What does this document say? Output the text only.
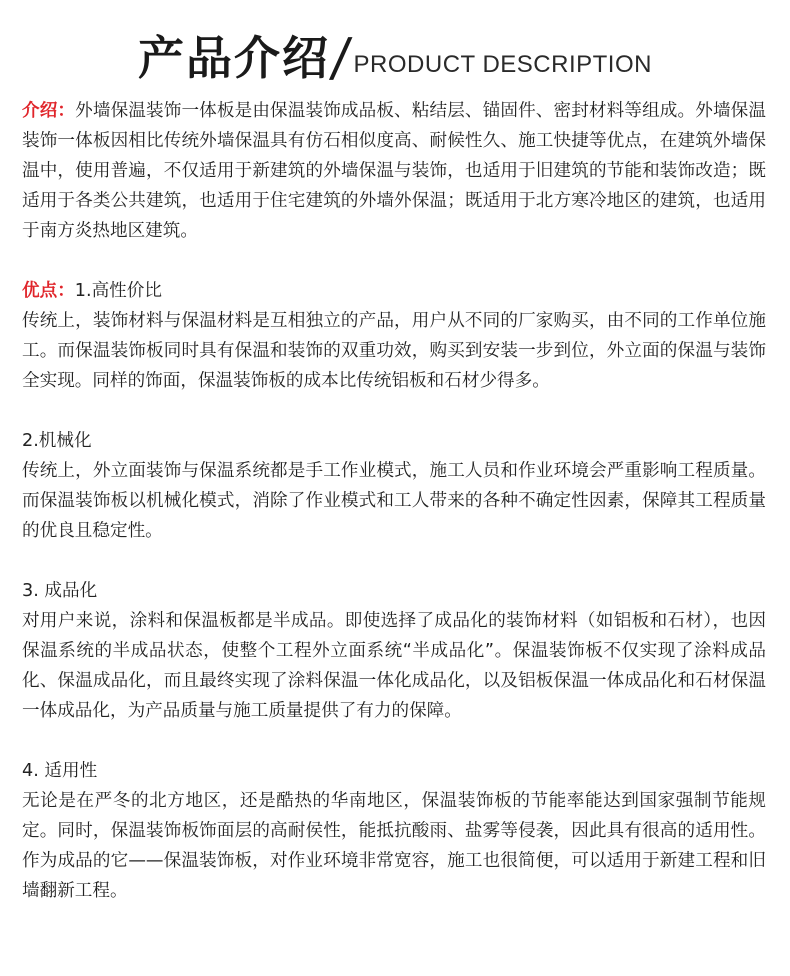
产品介绍
/ PRODUCT DESCRIPTION

介绍：外墙保温装饰一体板是由保温装饰成品板、粘结层、锚固件、密封材料等组成。外墙保温装饰一体板因相比传统外墙保温具有仿石相似度高、耐候性久、施工快捷等优点，在建筑外墙保温中，使用普遍，不仅适用于新建筑的外墙保温与装饰，也适用于旧建筑的节能和装饰改造；既适用于各类公共建筑，也适用于住宅建筑的外墙外保温；既适用于北方寒冷地区的建筑，也适用于南方炎热地区建筑。

优点：1.高性价比

传统上，装饰材料与保温材料是互相独立的产品，用户从不同的厂家购买，由不同的工作单位施工。而保温装饰板同时具有保温和装饰的双重功效，购买到安装一步到位，外立面的保温与装饰全实现。同样的饰面，保温装饰板的成本比传统铝板和石材少得多。

2.机械化

传统上，外立面装饰与保温系统都是手工作业模式，施工人员和作业环境会严重影响工程质量。而保温装饰板以机械化模式，消除了作业模式和工人带来的各种不确定性因素，保障其工程质量的优良且稳定性。

3. 成品化

对用户来说，涂料和保温板都是半成品。即使选择了成品化的装饰材料（如铝板和石材），也因保温系统的半成品状态，使整个工程外立面系统“半成品化”。保温装饰板不仅实现了涂料成品化、保温成品化，而且最终实现了涂料保温一体化成品化，以及铝板保温一体成品化和石材保温一体成品化，为产品质量与施工质量提供了有力的保障。

4. 适用性

无论是在严冬的北方地区，还是酷热的华南地区，保温装饰板的节能率能达到国家强制节能规定。同时，保温装饰板饰面层的高耐侯性，能抵抗酸雨、盐雾等侵袭，因此具有很高的适用性。作为成品的它——保温装饰板，对作业环境非常宽容，施工也很简便，可以适用于新建工程和旧墙翻新工程。
